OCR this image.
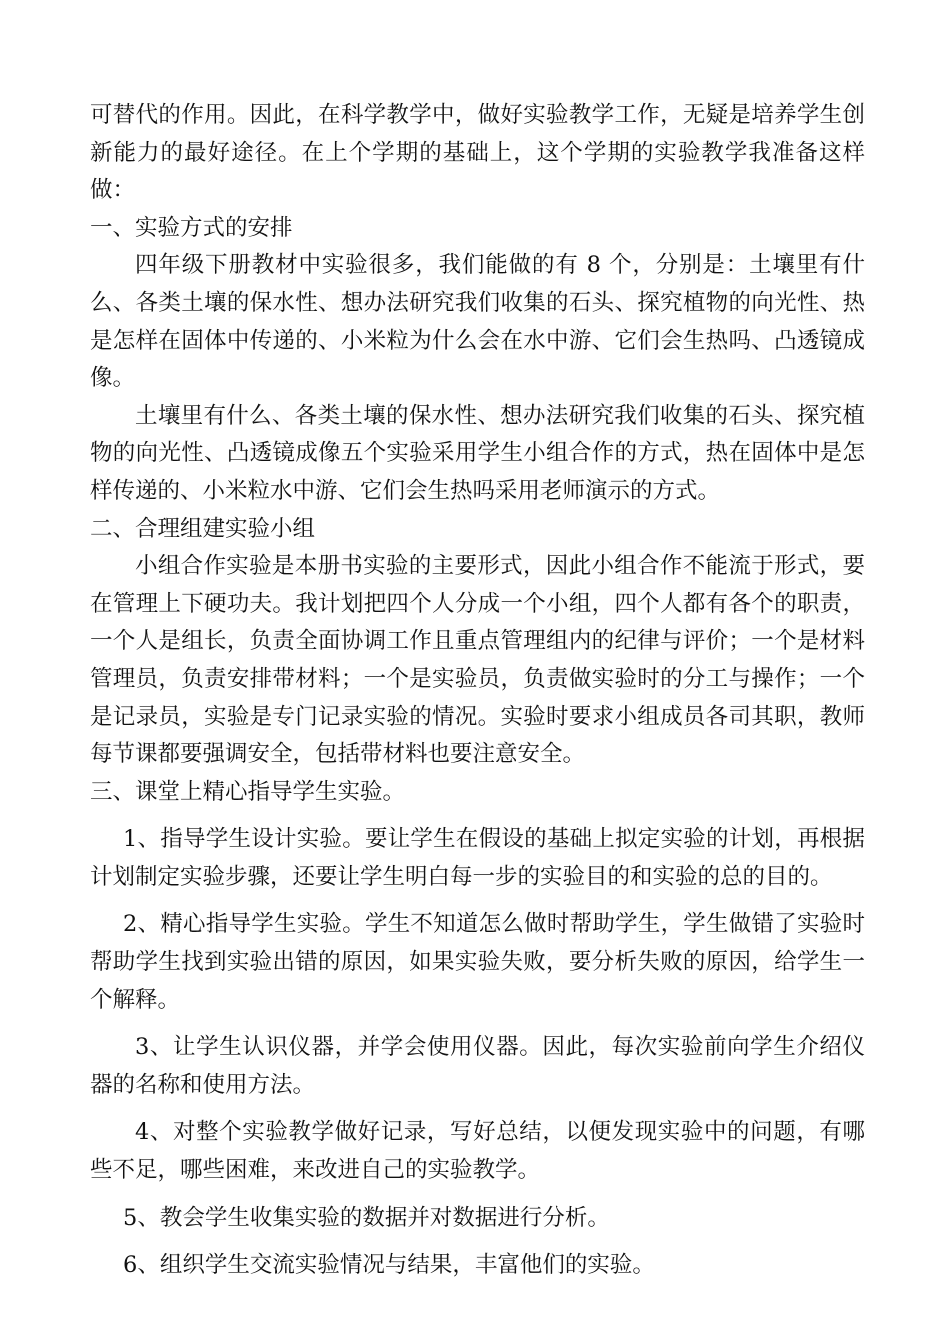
可替代的作用。因此，在科学教学中，做好实验教学工作，无疑是培养学生创新能力的最好途径。在上个学期的基础上，这个学期的实验教学我准备这样做：

一、实验方式的安排

四年级下册教材中实验很多，我们能做的有 8 个，分别是：土壤里有什么、各类土壤的保水性、想办法研究我们收集的石头、探究植物的向光性、热是怎样在固体中传递的、小米粒为什么会在水中游、它们会生热吗、凸透镜成像。

土壤里有什么、各类土壤的保水性、想办法研究我们收集的石头、探究植物的向光性、凸透镜成像五个实验采用学生小组合作的方式，热在固体中是怎样传递的、小米粒水中游、它们会生热吗采用老师演示的方式。

二、合理组建实验小组

小组合作实验是本册书实验的主要形式，因此小组合作不能流于形式，要在管理上下硬功夫。我计划把四个人分成一个小组，四个人都有各个的职责，一个人是组长，负责全面协调工作且重点管理组内的纪律与评价；一个是材料管理员，负责安排带材料；一个是实验员，负责做实验时的分工与操作；一个是记录员，实验是专门记录实验的情况。实验时要求小组成员各司其职，教师每节课都要强调安全，包括带材料也要注意安全。

三、课堂上精心指导学生实验。

1、指导学生设计实验。要让学生在假设的基础上拟定实验的计划，再根据计划制定实验步骤，还要让学生明白每一步的实验目的和实验的总的目的。

2、精心指导学生实验。学生不知道怎么做时帮助学生，学生做错了实验时帮助学生找到实验出错的原因，如果实验失败，要分析失败的原因，给学生一个解释。

3、让学生认识仪器，并学会使用仪器。因此，每次实验前向学生介绍仪器的名称和使用方法。

4、对整个实验教学做好记录，写好总结，以便发现实验中的问题，有哪些不足，哪些困难，来改进自己的实验教学。

5、教会学生收集实验的数据并对数据进行分析。

6、组织学生交流实验情况与结果，丰富他们的实验。
